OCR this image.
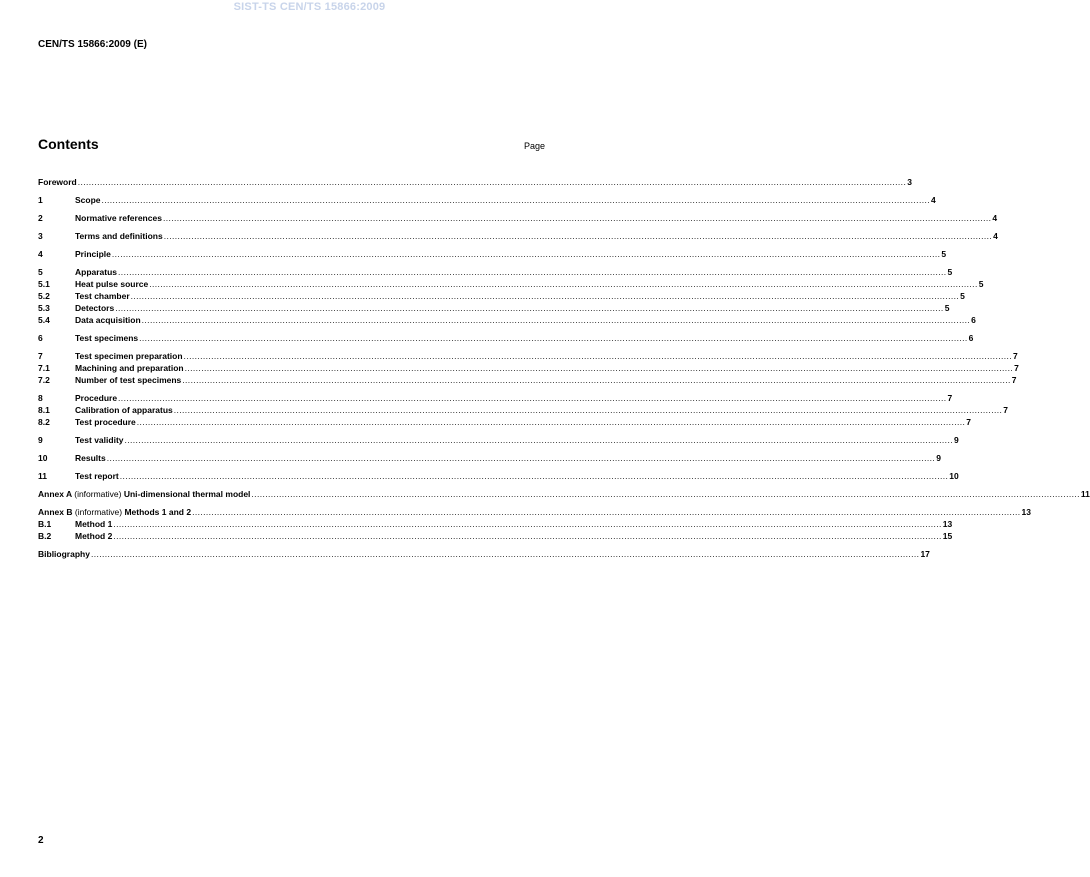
SIST-TS CEN/TS 15866:2009
CEN/TS 15866:2009 (E)
Contents	Page
Foreword ............................................................................................................................................................................................................................................................................................................ 3
1	Scope ............................................................................................................................................................................................................................................................................................................ 4
2	Normative references ............................................................................................................................................................................................................................................................................................................ 4
3	Terms and definitions ............................................................................................................................................................................................................................................................................................................ 4
4	Principle ............................................................................................................................................................................................................................................................................................................ 5
5	Apparatus ............................................................................................................................................................................................................................................................................................................ 5
5.1	Heat pulse source ............................................................................................................................................................................................................................................................................................................ 5
5.2	Test chamber ............................................................................................................................................................................................................................................................................................................ 5
5.3	Detectors ............................................................................................................................................................................................................................................................................................................ 5
5.4	Data acquisition ............................................................................................................................................................................................................................................................................................................ 6
6	Test specimens ............................................................................................................................................................................................................................................................................................................ 6
7	Test specimen preparation ............................................................................................................................................................................................................................................................................................................ 7
7.1	Machining and preparation ............................................................................................................................................................................................................................................................................................................ 7
7.2	Number of test specimens ............................................................................................................................................................................................................................................................................................................ 7
8	Procedure ............................................................................................................................................................................................................................................................................................................ 7
8.1	Calibration of apparatus ............................................................................................................................................................................................................................................................................................................ 7
8.2	Test procedure ............................................................................................................................................................................................................................................................................................................ 7
9	Test validity ............................................................................................................................................................................................................................................................................................................ 9
10	Results ............................................................................................................................................................................................................................................................................................................ 9
11	Test report ............................................................................................................................................................................................................................................................................................................ 10
Annex A (informative) Uni-dimensional thermal model ............................................................................................................................................................................................................................................................................................................ 11
Annex B (informative) Methods 1 and 2 ............................................................................................................................................................................................................................................................................................................ 13
B.1	Method 1 ............................................................................................................................................................................................................................................................................................................ 13
B.2	Method 2 ............................................................................................................................................................................................................................................................................................................ 15
Bibliography ............................................................................................................................................................................................................................................................................................................ 17
2
